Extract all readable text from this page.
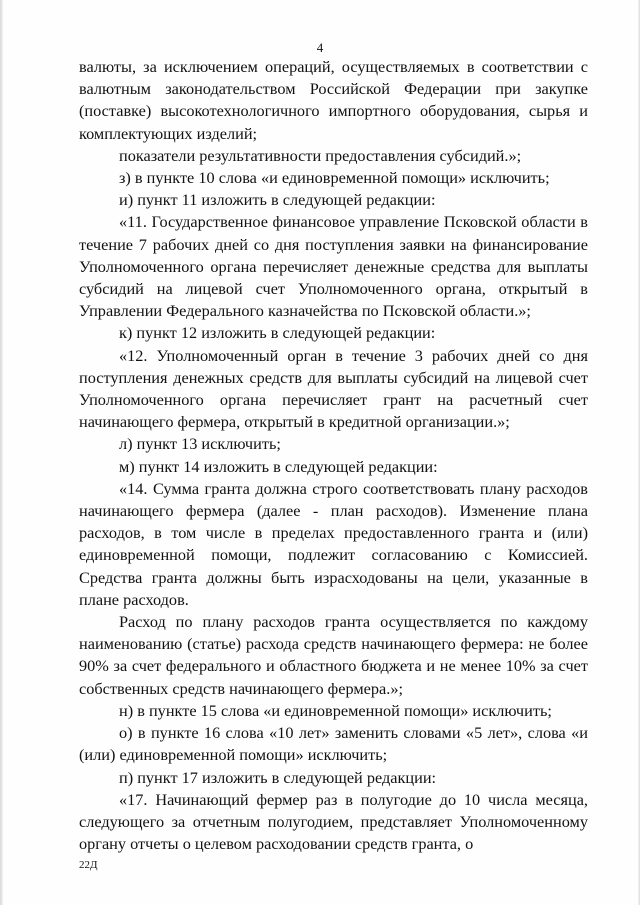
4

валюты, за исключением операций, осуществляемых в соответствии с валютным законодательством Российской Федерации при закупке (поставке) высокотехнологичного импортного оборудования, сырья и комплектующих изделий;

показатели результативности предоставления субсидий.»;

з) в пункте 10 слова «и единовременной помощи» исключить;

и) пункт 11 изложить в следующей редакции:

«11. Государственное финансовое управление Псковской области в течение 7 рабочих дней со дня поступления заявки на финансирование Уполномоченного органа перечисляет денежные средства для выплаты субсидий на лицевой счет Уполномоченного органа, открытый в Управлении Федерального казначейства по Псковской области.»;

к) пункт 12 изложить в следующей редакции:

«12. Уполномоченный орган в течение 3 рабочих дней со дня поступления денежных средств для выплаты субсидий на лицевой счет Уполномоченного органа перечисляет грант на расчетный счет начинающего фермера, открытый в кредитной организации.»;

л) пункт 13 исключить;

м) пункт 14 изложить в следующей редакции:

«14. Сумма гранта должна строго соответствовать плану расходов начинающего фермера (далее - план расходов). Изменение плана расходов, в том числе в пределах предоставленного гранта и (или) единовременной помощи, подлежит согласованию с Комиссией. Средства гранта должны быть израсходованы на цели, указанные в плане расходов.

Расход по плану расходов гранта осуществляется по каждому наименованию (статье) расхода средств начинающего фермера: не более 90% за счет федерального и областного бюджета и не менее 10% за счет собственных средств начинающего фермера.»;

н) в пункте 15 слова «и единовременной помощи» исключить;

о) в пункте 16 слова «10 лет» заменить словами «5 лет», слова «и (или) единовременной помощи» исключить;

п) пункт 17 изложить в следующей редакции:

«17. Начинающий фермер раз в полугодие до 10 числа месяца, следующего за отчетным полугодием, представляет Уполномоченному органу отчеты о целевом расходовании средств гранта, о

22Д
